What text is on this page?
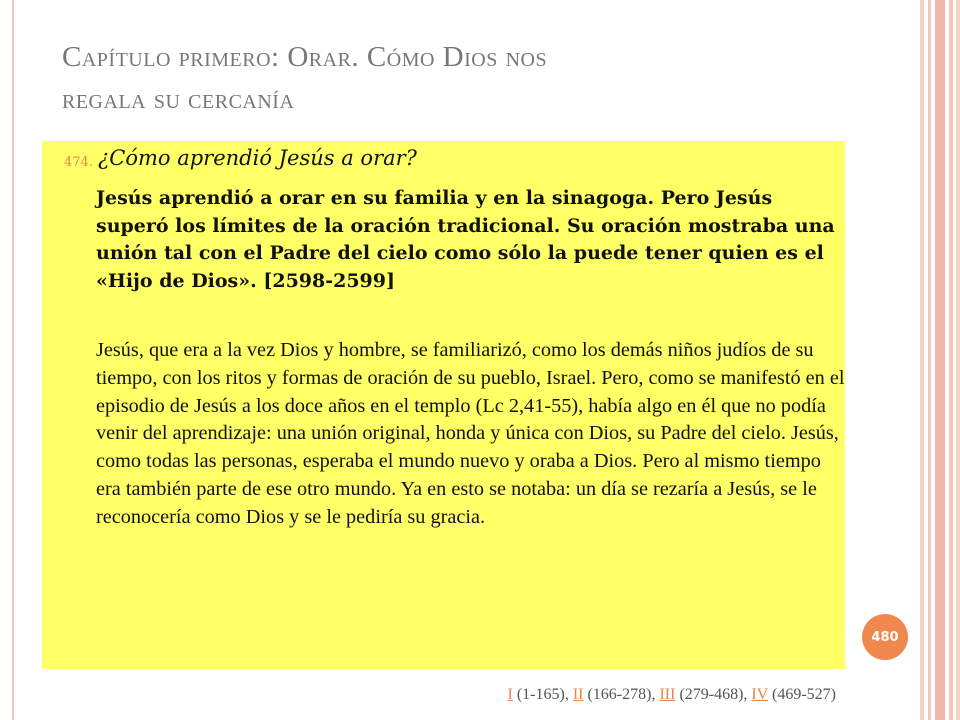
Capítulo primero: Orar. Cómo Dios nos
regala su cercanía
474. ¿Cómo aprendió Jesús a orar?
Jesús aprendió a orar en su familia y en la sinagoga. Pero Jesús superó los límites de la oración tradicional. Su oración mostraba una unión tal con el Padre del cielo como sólo la puede tener quien es el «Hijo de Dios». [2598-2599]
Jesús, que era a la vez Dios y hombre, se familiarizó, como los demás niños judíos de su tiempo, con los ritos y formas de oración de su pueblo, Israel. Pero, como se manifestó en el episodio de Jesús a los doce años en el templo (Lc 2,41-55), había algo en él que no podía venir del aprendizaje: una unión original, honda y única con Dios, su Padre del cielo. Jesús, como todas las personas, esperaba el mundo nuevo y oraba a Dios. Pero al mismo tiempo era también parte de ese otro mundo. Ya en esto se notaba: un día se rezaría a Jesús, se le reconocería como Dios y se le pediría su gracia.
480
I (1-165), II (166-278), III (279-468), IV (469-527)
